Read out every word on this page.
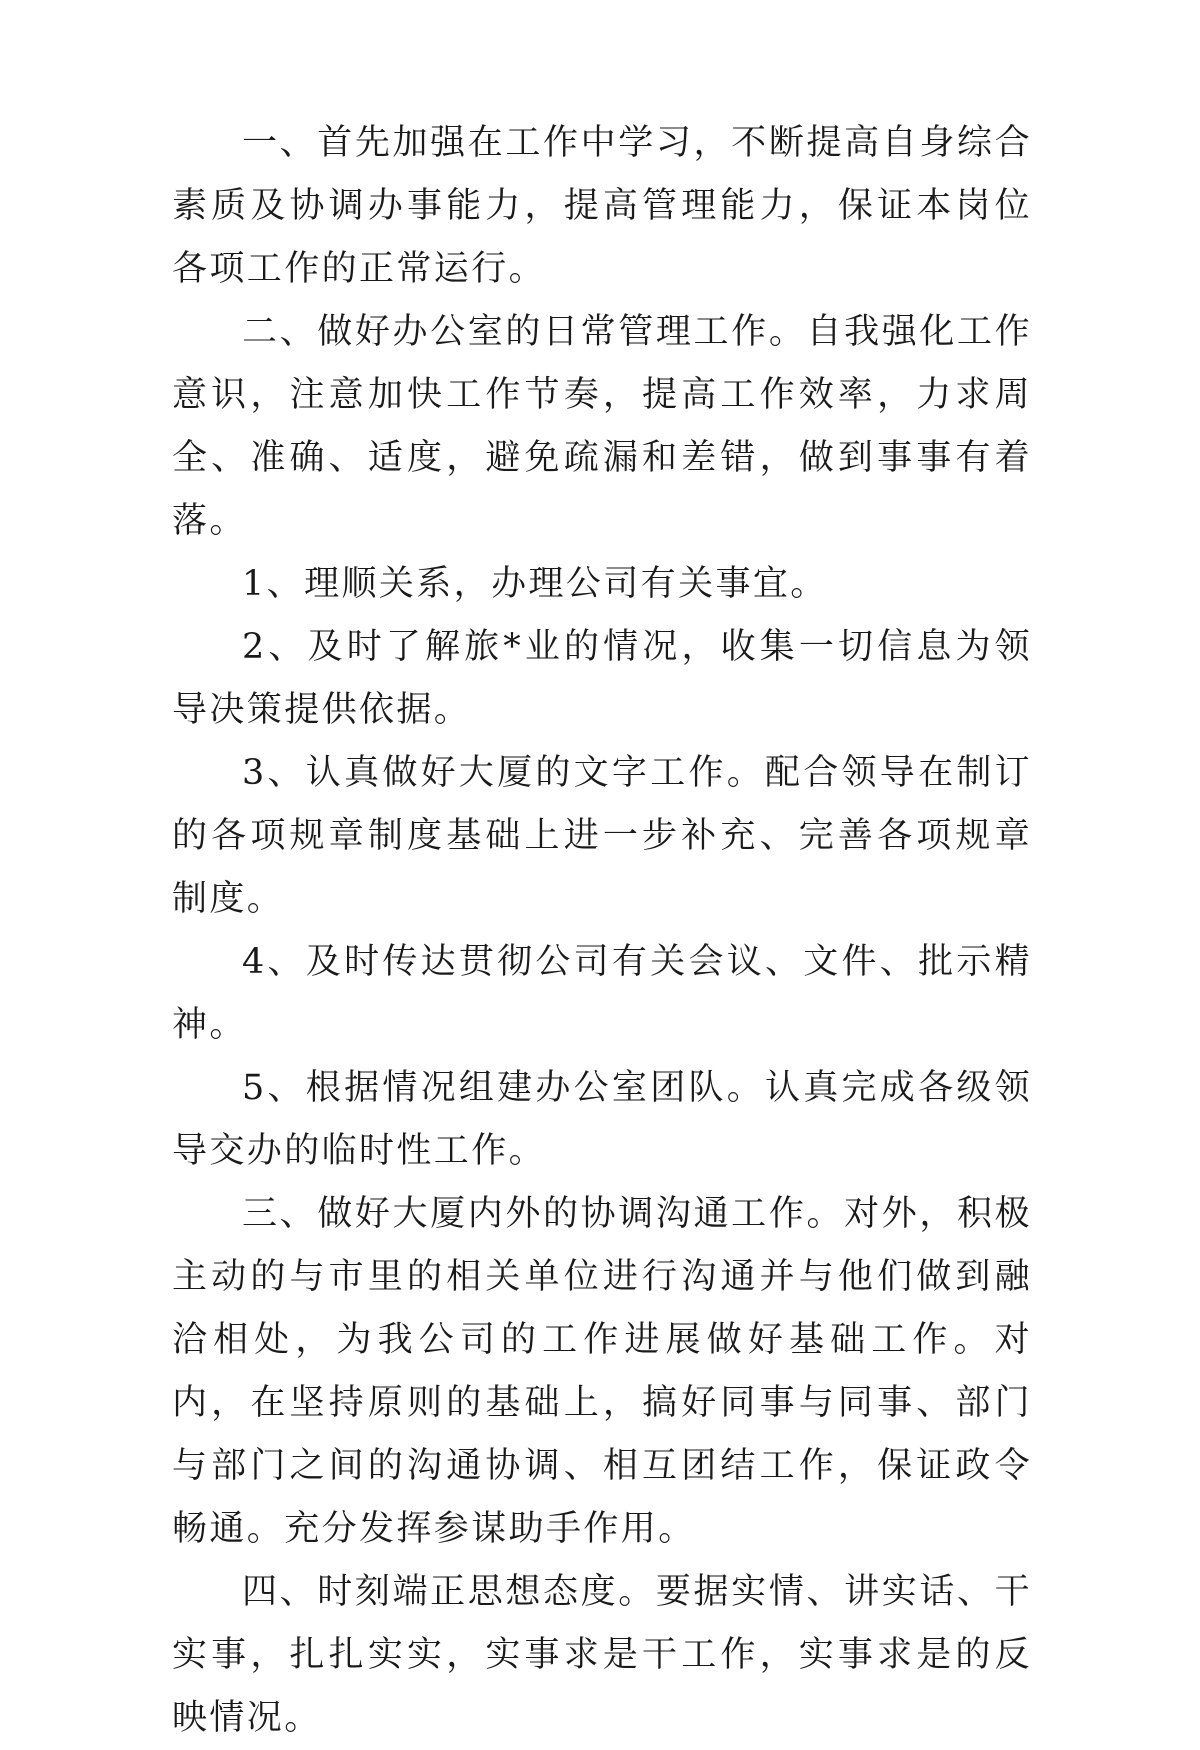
一、首先加强在工作中学习，不断提高自身综合素质及协调办事能力，提高管理能力，保证本岗位各项工作的正常运行。

二、做好办公室的日常管理工作。自我强化工作意识，注意加快工作节奏，提高工作效率，力求周全、准确、适度，避免疏漏和差错，做到事事有着落。

1、理顺关系，办理公司有关事宜。

2、及时了解旅*业的情况，收集一切信息为领导决策提供依据。

3、认真做好大厦的文字工作。配合领导在制订的各项规章制度基础上进一步补充、完善各项规章制度。

4、及时传达贯彻公司有关会议、文件、批示精神。

5、根据情况组建办公室团队。认真完成各级领导交办的临时性工作。

三、做好大厦内外的协调沟通工作。对外，积极主动的与市里的相关单位进行沟通并与他们做到融洽相处，为我公司的工作进展做好基础工作。对内，在坚持原则的基础上，搞好同事与同事、部门与部门之间的沟通协调、相互团结工作，保证政令畅通。充分发挥参谋助手作用。

四、时刻端正思想态度。要据实情、讲实话、干实事，扎扎实实，实事求是干工作，实事求是的反映情况。
